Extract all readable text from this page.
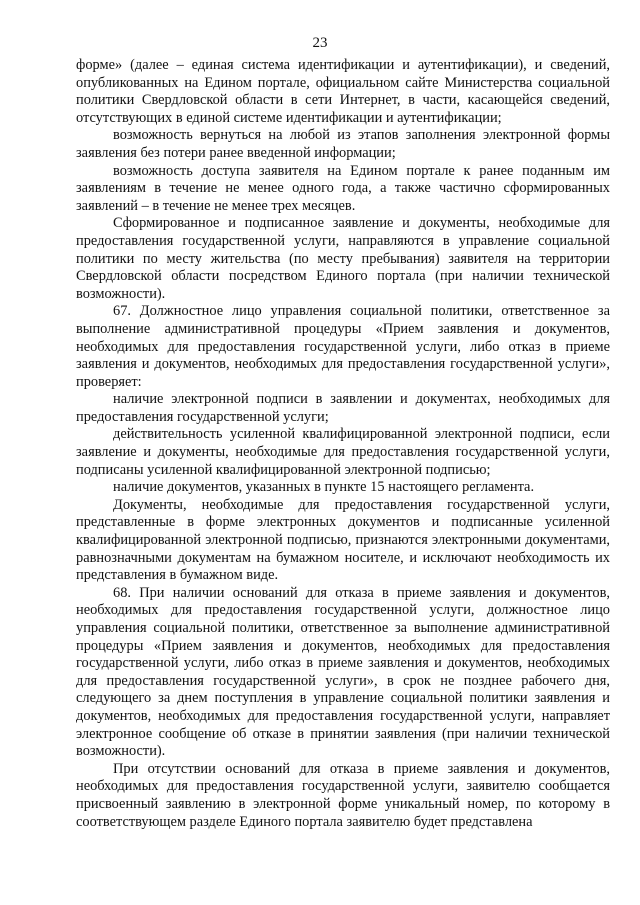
23

форме» (далее – единая система идентификации и аутентификации), и сведений, опубликованных на Едином портале, официальном сайте Министерства социальной политики Свердловской области в сети Интернет, в части, касающейся сведений, отсутствующих в единой системе идентификации и аутентификации;

возможность вернуться на любой из этапов заполнения электронной формы заявления без потери ранее введенной информации;

возможность доступа заявителя на Едином портале к ранее поданным им заявлениям в течение не менее одного года, а также частично сформированных заявлений – в течение не менее трех месяцев.

Сформированное и подписанное заявление и документы, необходимые для предоставления государственной услуги, направляются в управление социальной политики по месту жительства (по месту пребывания) заявителя на территории Свердловской области посредством Единого портала (при наличии технической возможности).

67. Должностное лицо управления социальной политики, ответственное за выполнение административной процедуры «Прием заявления и документов, необходимых для предоставления государственной услуги, либо отказ в приеме заявления и документов, необходимых для предоставления государственной услуги», проверяет:

наличие электронной подписи в заявлении и документах, необходимых для предоставления государственной услуги;

действительность усиленной квалифицированной электронной подписи, если заявление и документы, необходимые для предоставления государственной услуги, подписаны усиленной квалифицированной электронной подписью;

наличие документов, указанных в пункте 15 настоящего регламента.

Документы, необходимые для предоставления государственной услуги, представленные в форме электронных документов и подписанные усиленной квалифицированной электронной подписью, признаются электронными документами, равнозначными документам на бумажном носителе, и исключают необходимость их представления в бумажном виде.

68. При наличии оснований для отказа в приеме заявления и документов, необходимых для предоставления государственной услуги, должностное лицо управления социальной политики, ответственное за выполнение административной процедуры «Прием заявления и документов, необходимых для предоставления государственной услуги, либо отказ в приеме заявления и документов, необходимых для предоставления государственной услуги», в срок не позднее рабочего дня, следующего за днем поступления в управление социальной политики заявления и документов, необходимых для предоставления государственной услуги, направляет электронное сообщение об отказе в принятии заявления (при наличии технической возможности).

При отсутствии оснований для отказа в приеме заявления и документов, необходимых для предоставления государственной услуги, заявителю сообщается присвоенный заявлению в электронной форме уникальный номер, по которому в соответствующем разделе Единого портала заявителю будет представлена
